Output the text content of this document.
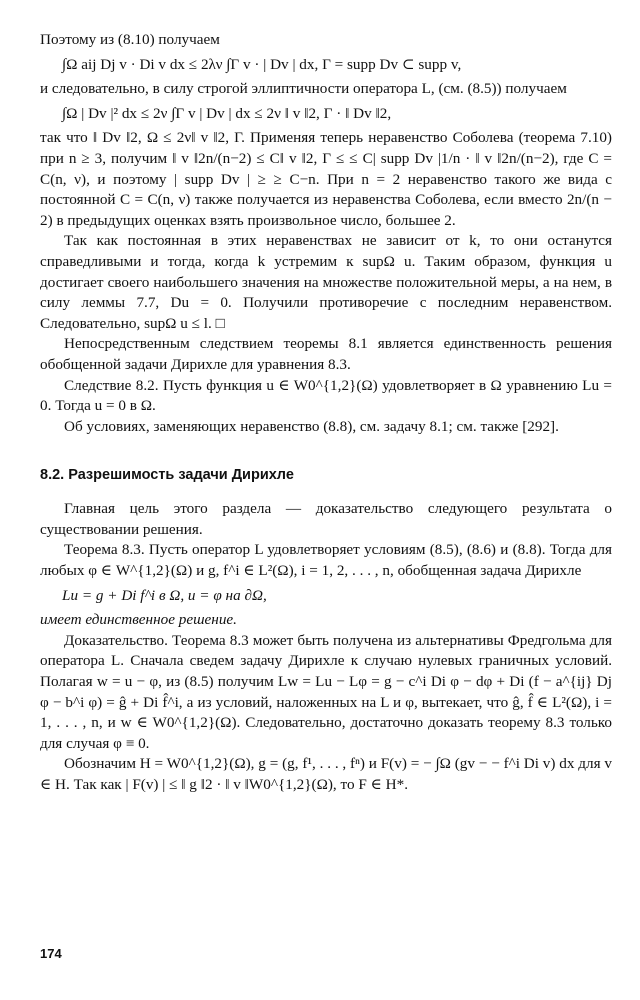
Поэтому из (8.10) получаем

∫Ω aij Dj v · Di v dx ≤ 2λν ∫Γ v · | Dv | dx, Γ = supp Dv ⊂ supp v,

и следовательно, в силу строгой эллиптичности оператора L, (см. (8.5)) получаем

∫Ω | Dv |² dx ≤ 2ν ∫Γ v | Dv | dx ≤ 2ν ‖ v ‖2, Γ · ‖ Dv ‖2,

так что ‖ Dv ‖2, Ω ≤ 2ν‖ v ‖2, Γ. Применяя теперь неравенство Соболева (теорема 7.10) при n ≥ 3, получим ‖ v ‖2n/(n−2) ≤ C‖ v ‖2, Γ ≤ ≤ C| supp Dv |1/n · ‖ v ‖2n/(n−2), где C = C(n, ν), и поэтому | supp Dv | ≥ ≥ C−n. При n = 2 неравенство такого же вида с постоянной C = C(n, ν) также получается из неравенства Соболева, если вместо 2n/(n − 2) в предыдущих оценках взять произвольное число, большее 2.

Так как постоянная в этих неравенствах не зависит от k, то они останутся справедливыми и тогда, когда k устремим к supΩ u. Таким образом, функция u достигает своего наибольшего значения на множестве положительной меры, а на нем, в силу леммы 7.7, Du = 0. Получили противоречие с последним неравенством. Следовательно, supΩ u ≤ l. □

Непосредственным следствием теоремы 8.1 является единственность решения обобщенной задачи Дирихле для уравнения 8.3.

Следствие 8.2. Пусть функция u ∈ W0^{1,2}(Ω) удовлетворяет в Ω уравнению Lu = 0. Тогда u = 0 в Ω.

Об условиях, заменяющих неравенство (8.8), см. задачу 8.1; см. также [292].

8.2. Разрешимость задачи Дирихле

Главная цель этого раздела — доказательство следующего результата о существовании решения.

Теорема 8.3. Пусть оператор L удовлетворяет условиям (8.5), (8.6) и (8.8). Тогда для любых φ ∈ W^{1,2}(Ω) и g, f^i ∈ L²(Ω), i = 1, 2, . . . , n, обобщенная задача Дирихле

Lu = g + Di f^i в Ω, u = φ на ∂Ω,

имеет единственное решение.

Доказательство. Теорема 8.3 может быть получена из альтернативы Фредгольма для оператора L. Сначала сведем задачу Дирихле к случаю нулевых граничных условий. Полагая w = u − φ, из (8.5) получим Lw = Lu − Lφ = g − c^i Di φ − dφ + Di (f − a^{ij} Dj φ − b^i φ) = ĝ + Di f̂^i, а из условий, наложенных на L и φ, вытекает, что ĝ, f̂ ∈ L²(Ω), i = 1, . . . , n, и w ∈ W0^{1,2}(Ω). Следовательно, достаточно доказать теорему 8.3 только для случая φ ≡ 0.

Обозначим H = W0^{1,2}(Ω), g = (g, f¹, . . . , fⁿ) и F(v) = − ∫Ω (gv − − f^i Di v) dx для v ∈ H. Так как | F(v) | ≤ ‖ g ‖2 · ‖ v ‖W0^{1,2}(Ω), то F ∈ H*.

174
